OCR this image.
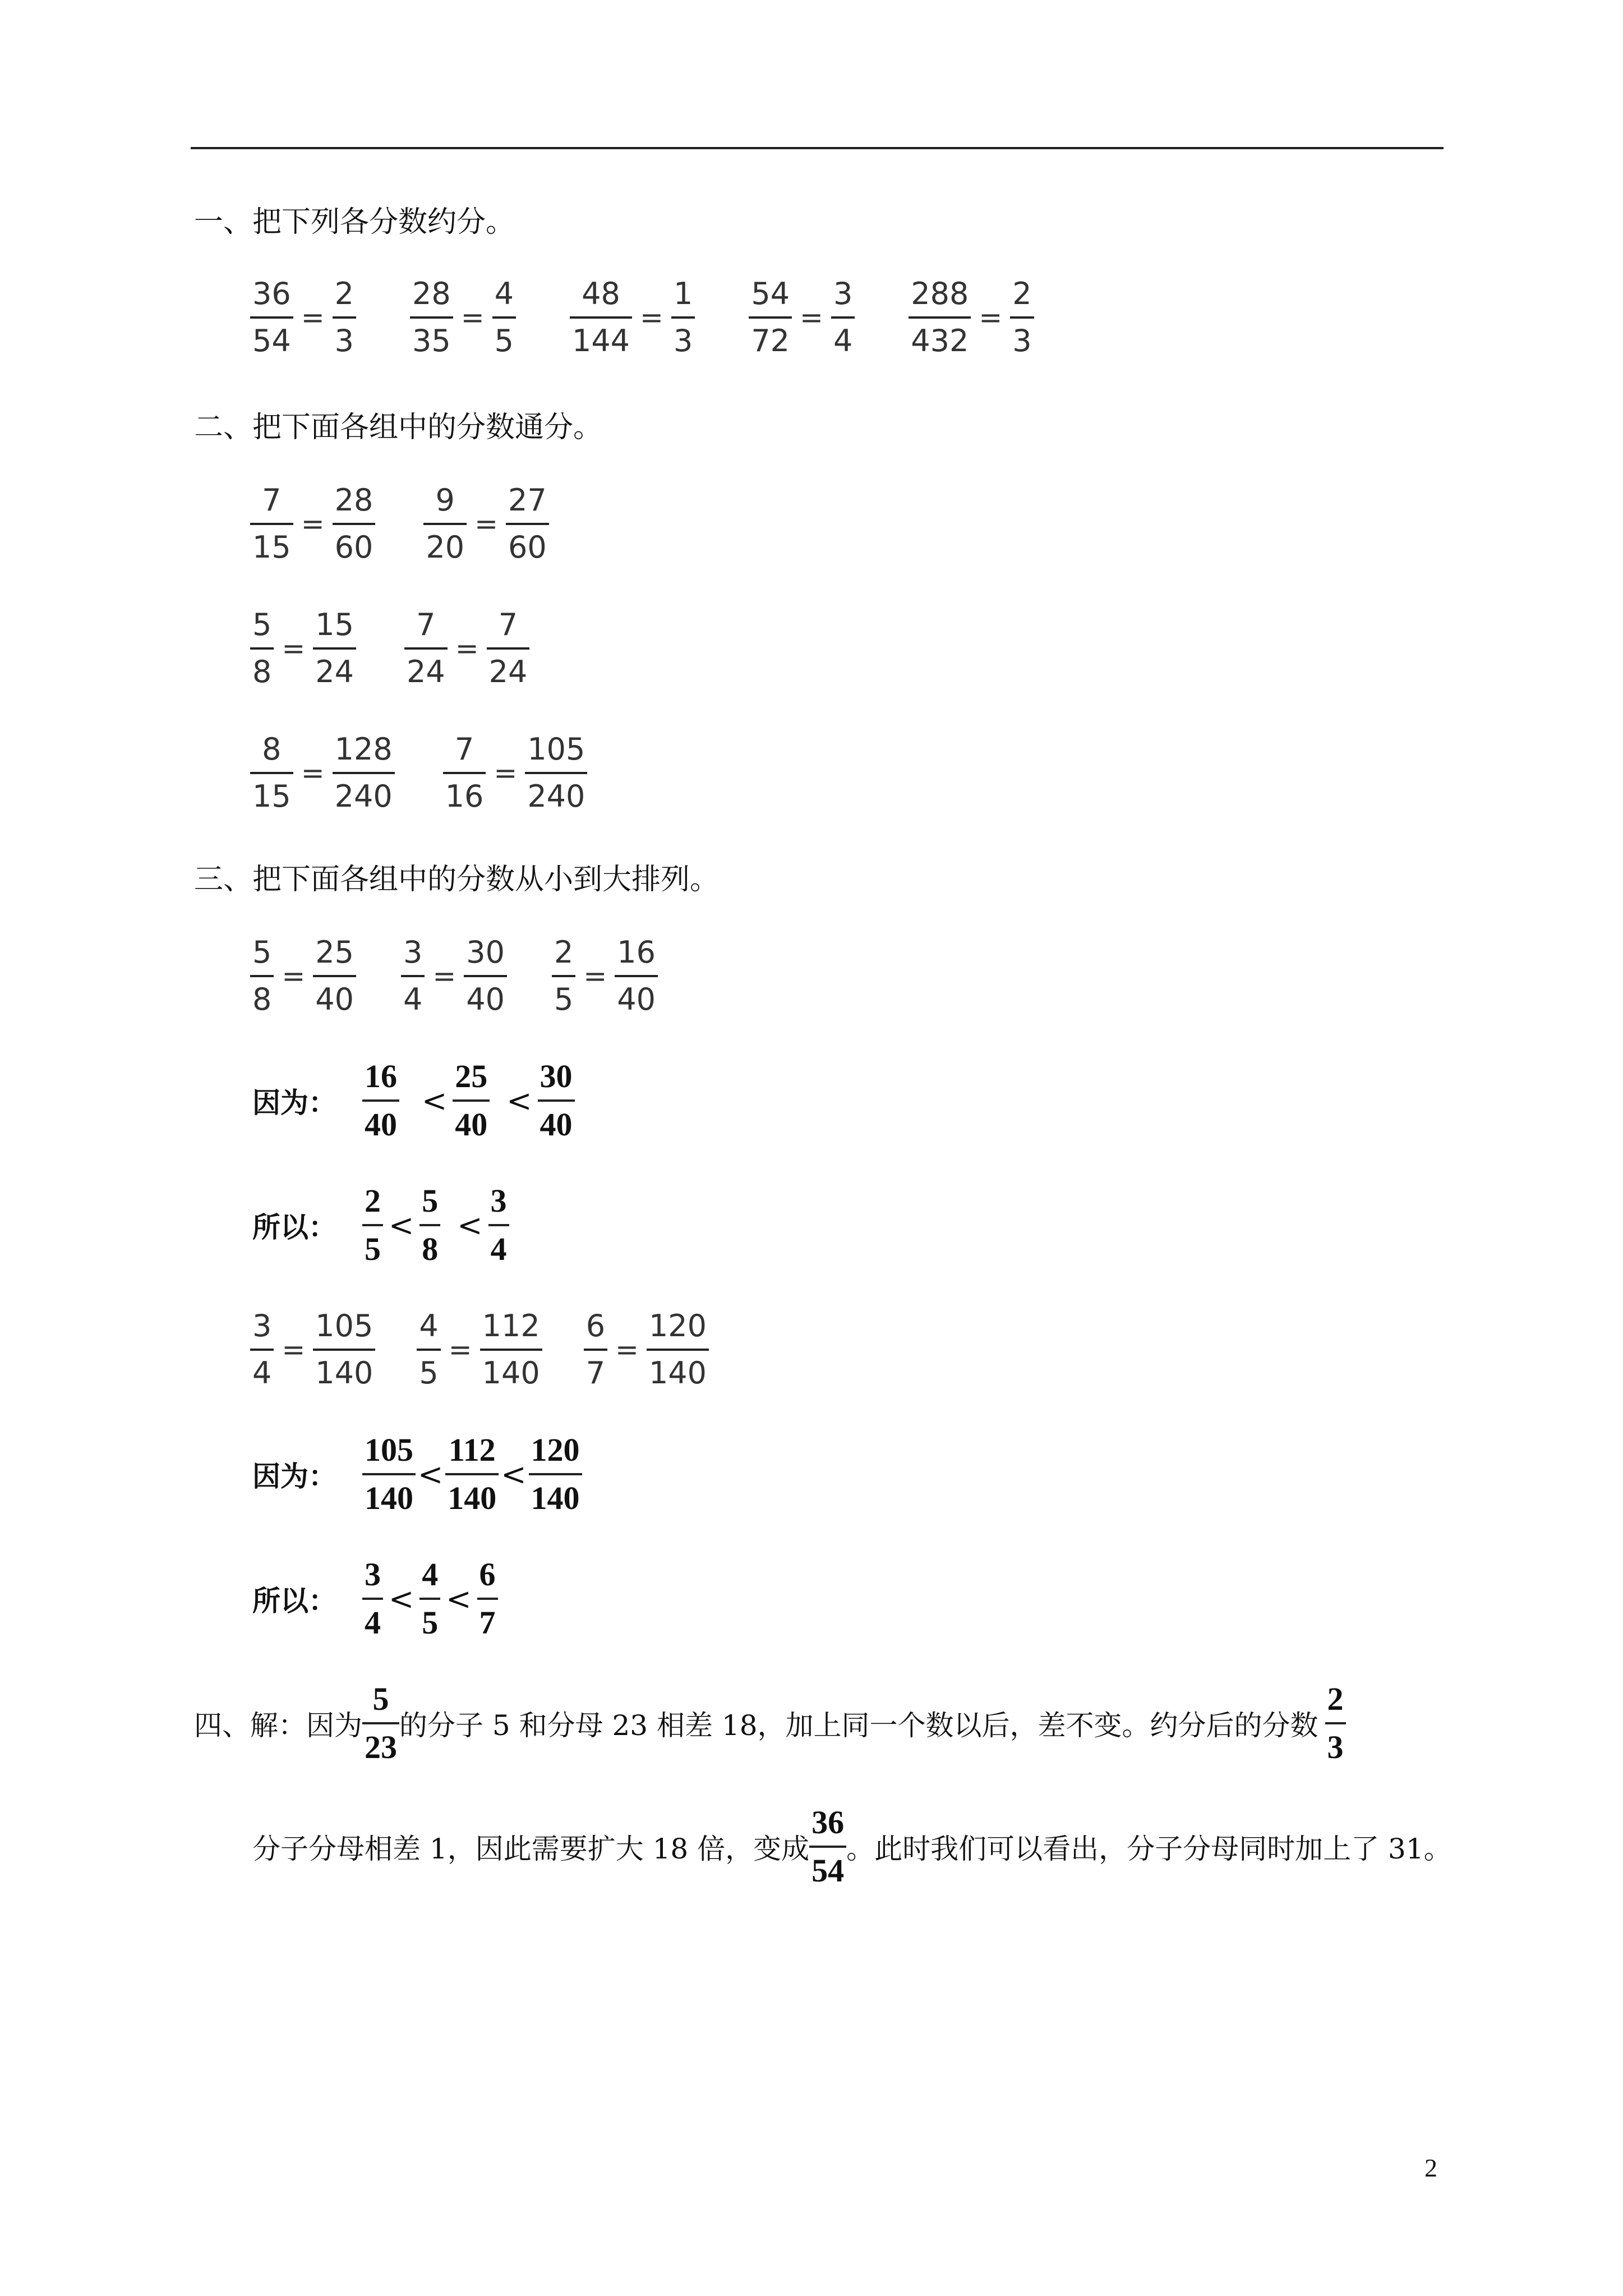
一、把下列各分数约分。
$\frac{36}{54} = \frac{2}{3} \frac{28}{35} = \frac{4}{5} \frac{48}{144} = \frac{1}{3} \frac{54}{72} = \frac{3}{4} \frac{288}{432} = \frac{2}{3}$
二、把下面各组中的分数通分。
$\frac{7}{15} = \frac{28}{60} \frac{9}{20} = \frac{27}{60}$
$\frac{5}{8} = \frac{15}{24} \frac{7}{24} = \frac{7}{24}$
$\frac{8}{15} = \frac{128}{240} \frac{7}{16} = \frac{105}{240}$
三、把下面各组中的分数从小到大排列。
$\frac{5}{8} = \frac{25}{40} \frac{3}{4} = \frac{30}{40} \frac{2}{5} = \frac{16}{40}$
因为： $\frac{16}{40} < \frac{25}{40} < \frac{30}{40}$
所以： $\frac{2}{5} < \frac{5}{8} < \frac{3}{4}$
$\frac{3}{4} = \frac{105}{140} \frac{4}{5} = \frac{112}{140} \frac{6}{7} = \frac{120}{140}$
因为： $\frac{105}{140} < \frac{112}{140} < \frac{120}{140}$
所以： $\frac{3}{4} < \frac{4}{5} < \frac{6}{7}$
四、解：因为 $\frac{5}{23}$ 的分子 5 和分母 23 相差 18，加上同一个数以后，差不变。约分后的分数 $\frac{2}{3}$
分子分母相差 1，因此需要扩大 18 倍，变成 $\frac{36}{54}$ 。此时我们可以看出，分子分母同时加上了 31。
2
